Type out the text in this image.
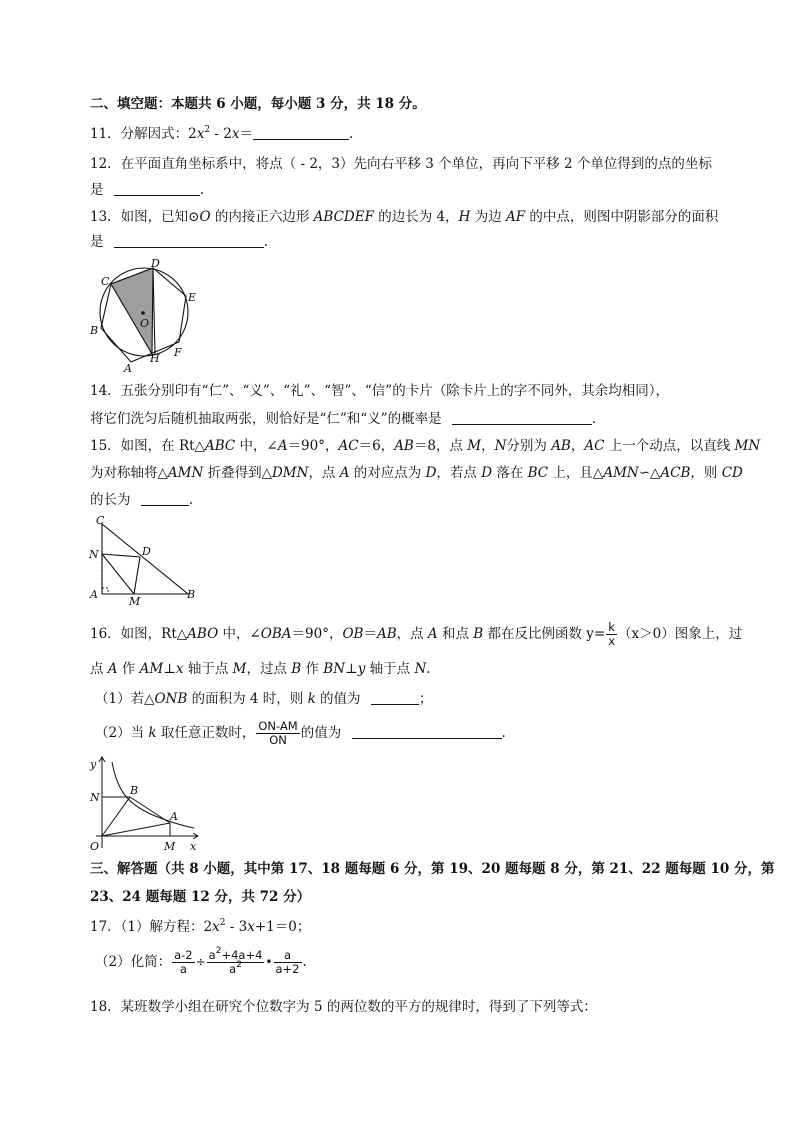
二、填空题：本题共 6 小题，每小题 3 分，共 18 分。
11．分解因式：$2x^2 - 2x=$	.
12．在平面直角坐标系中，将点（ - 2，3）先向右平移 3 个单位，再向下平移 2 个单位得到的点的坐标
是	.
13．如图，已知⊙O 的内接正六边形 ABCDEF 的边长为 4，H 为边 AF 的中点，则图中阴影部分的面积
是	.
C
D
E
B
O
A
H F
14．五张分别印有“仁”、“义”、“礼”、“智”、“信”的卡片（除卡片上的字不同外，其余均相同），
将它们洗匀后随机抽取两张，则恰好是“仁”和“义”的概率是	.
15．如图，在 Rt△ABC 中，∠A＝90°，AC＝6，AB＝8，点 M，N分别为 AB，AC 上一个动点，以直线 MN
为对称轴将△AMN 折叠得到△DMN，点 A 的对应点为 D，若点 D 落在 BC 上，且△AMN∽△ACB，则 CD
的长为	.
C
N	D
A
M
B
16．如图，Rt△ABO 中，∠OBA＝90°，OB＝AB，点 A 和点 B 都在反比例函数 $y= \frac{k}{x} (x>0)$图象上，过
点 A 作 AM⊥x 轴于点 M，过点 B 作 BN⊥y 轴于点 N.
（1）若△ONB 的面积为 4 时，则 k 的值为	；
（2）当 k 取任意正数时， $\frac{ON-AM}{ON}$ 的值为	.
y
N
B
A
O	M x
三、解答题（共 8 小题，其中第 17、18 题每题 6 分，第 19、20 题每题 8 分，第 21、22 题每题 10 分，第
23、24 题每题 12 分，共 72 分）
17．（1）解方程：$2x^2 - 3x+1=0$；
（2）化简： $\frac{a-2}{a} \div \frac{a^2+4a+4}{a^2}$ • $\frac{a}{a+2}$ .
18．某班数学小组在研究个位数字为 5 的两位数的平方的规律时，得到了下列等式：
